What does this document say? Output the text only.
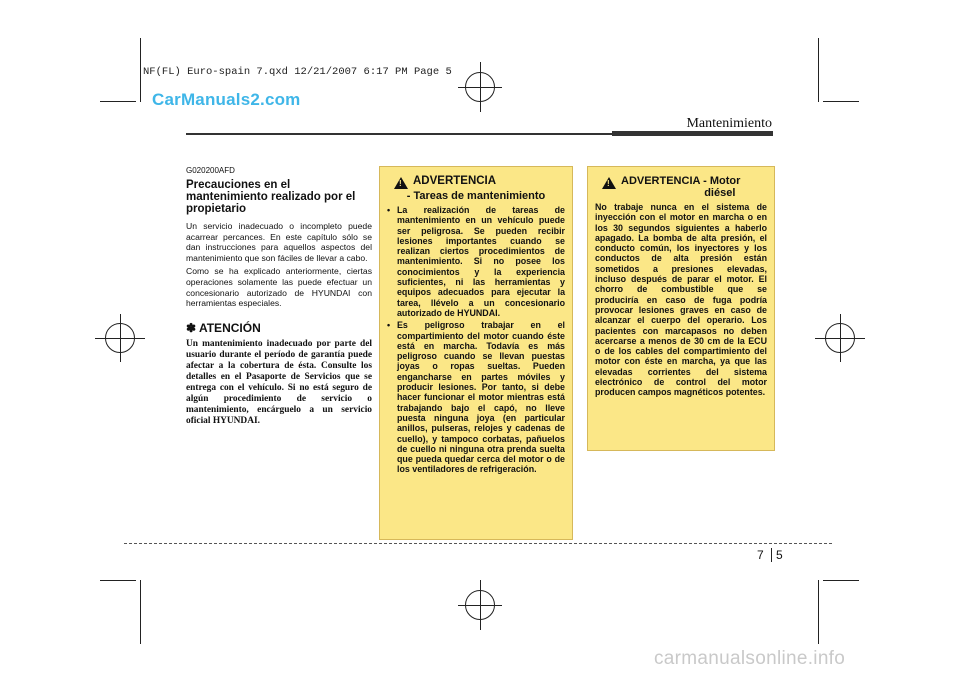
NF(FL) Euro-spain 7.qxd 12/21/2007 6:17 PM Page 5
CarManuals2.com
Mantenimiento
G020200AFD
Precauciones en el mantenimiento realizado por el propietario

Un servicio inadecuado o incompleto puede acarrear percances. En este capítulo sólo se dan instrucciones para aquellos aspectos del mantenimiento que son fáciles de llevar a cabo.

Como se ha explicado anteriormente, ciertas operaciones solamente las puede efectuar un concesionario autorizado de HYUNDAI con herramientas especiales.

✽ ATENCIÓN
Un mantenimiento inadecuado por parte del usuario durante el período de garantía puede afectar a la cobertura de ésta. Consulte los detalles en el Pasaporte de Servicios que se entrega con el vehículo. Si no está seguro de algún procedimiento de servicio o mantenimiento, encárguelo a un servicio oficial HYUNDAI.
! ADVERTENCIA
- Tareas de mantenimiento
• La realización de tareas de mantenimiento en un vehículo puede ser peligrosa. Se pueden recibir lesiones importantes cuando se realizan ciertos procedimientos de mantenimiento. Si no posee los conocimientos y la experiencia suficientes, ni las herramientas y equipos adecuados para ejecutar la tarea, llévelo a un concesionario autorizado de HYUNDAI.
• Es peligroso trabajar en el compartimiento del motor cuando éste está en marcha. Todavía es más peligroso cuando se llevan puestas joyas o ropas sueltas. Pueden engancharse en partes móviles y producir lesiones. Por tanto, si debe hacer funcionar el motor mientras está trabajando bajo el capó, no lleve puesta ninguna joya (en particular anillos, pulseras, relojes y cadenas de cuello), y tampoco corbatas, pañuelos de cuello ni ninguna otra prenda suelta que pueda quedar cerca del motor o de los ventiladores de refrigeración.
! ADVERTENCIA - Motor
diésel
No trabaje nunca en el sistema de inyección con el motor en marcha o en los 30 segundos siguientes a haberlo apagado. La bomba de alta presión, el conducto común, los inyectores y los conductos de alta presión están sometidos a presiones elevadas, incluso después de parar el motor. El chorro de combustible que se produciría en caso de fuga podría provocar lesiones graves en caso de alcanzar el cuerpo del operario. Los pacientes con marcapasos no deben acercarse a menos de 30 cm de la ECU o de los cables del compartimiento del motor con éste en marcha, ya que las elevadas corrientes del sistema electrónico de control del motor producen campos magnéticos potentes.
7 5
carmanualsonline.info
